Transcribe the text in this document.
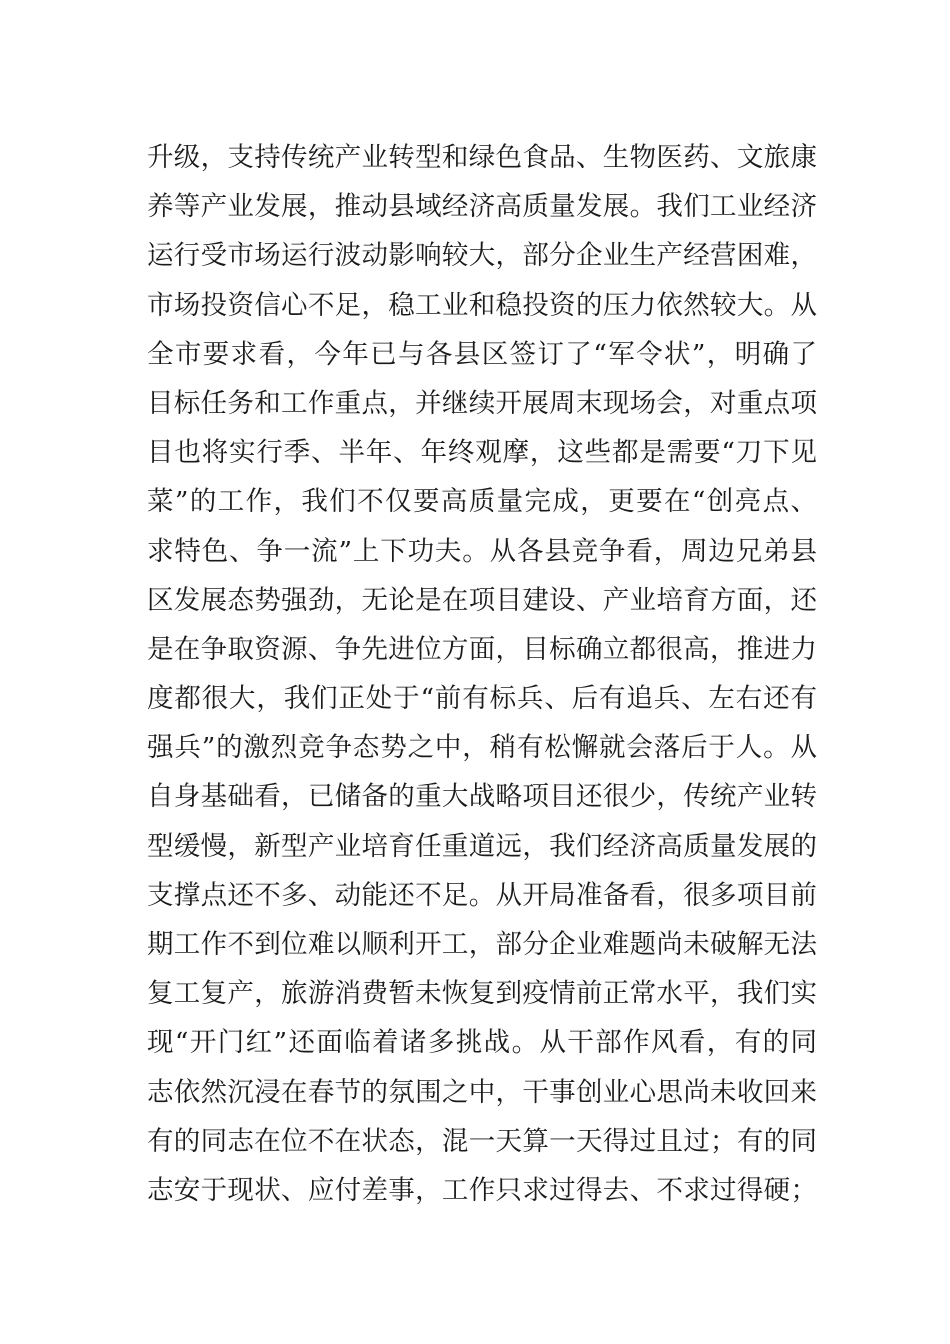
升级，支持传统产业转型和绿色食品、生物医药、文旅康
养等产业发展，推动县域经济高质量发展。我们工业经济
运行受市场运行波动影响较大，部分企业生产经营困难，
市场投资信心不足，稳工业和稳投资的压力依然较大。从
全市要求看，今年已与各县区签订了“军令状”，明确了
目标任务和工作重点，并继续开展周末现场会，对重点项
目也将实行季、半年、年终观摩，这些都是需要“刀下见
菜”的工作，我们不仅要高质量完成，更要在“创亮点、
求特色、争一流”上下功夫。从各县竞争看，周边兄弟县
区发展态势强劲，无论是在项目建设、产业培育方面，还
是在争取资源、争先进位方面，目标确立都很高，推进力
度都很大，我们正处于“前有标兵、后有追兵、左右还有
强兵”的激烈竞争态势之中，稍有松懈就会落后于人。从
自身基础看，已储备的重大战略项目还很少，传统产业转
型缓慢，新型产业培育任重道远，我们经济高质量发展的
支撑点还不多、动能还不足。从开局准备看，很多项目前
期工作不到位难以顺利开工，部分企业难题尚未破解无法
复工复产，旅游消费暂未恢复到疫情前正常水平，我们实
现“开门红”还面临着诸多挑战。从干部作风看，有的同
志依然沉浸在春节的氛围之中，干事创业心思尚未收回来
有的同志在位不在状态，混一天算一天得过且过；有的同
志安于现状、应付差事，工作只求过得去、不求过得硬；
